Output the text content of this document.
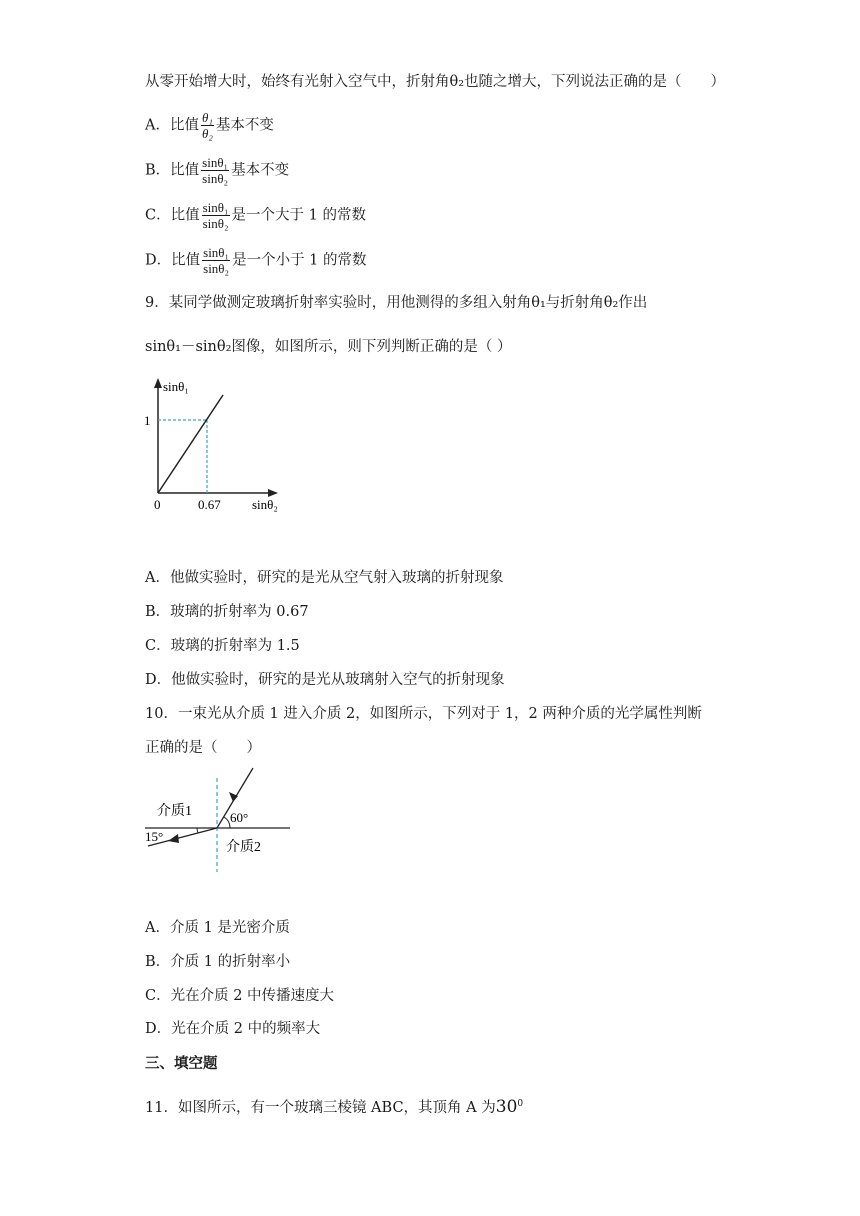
从零开始增大时，始终有光射入空气中，折射角θ₂也随之增大，下列说法正确的是（　　）
A．比值 $\frac{\text{θ₁}}{\text{θ₂}}$ 基本不变
B．比值 $\frac{\text{sinθ₁}}{\text{sinθ₂}}$ 基本不变
C．比值 $\frac{\text{sinθ₁}}{\text{sinθ₂}}$ 是一个大于 1 的常数
D．比值 $\frac{\text{sinθ₁}}{\text{sinθ₂}}$ 是一个小于 1 的常数
9．某同学做测定玻璃折射率实验时，用他测得的多组入射角θ₁与折射角θ₂作出
sinθ₁－sinθ₂图像，如图所示，则下列判断正确的是（ ）
sinθ₁
1
0	0.67 sinθ₂
A．他做实验时，研究的是光从空气射入玻璃的折射现象
B．玻璃的折射率为 0.67
C．玻璃的折射率为 1.5
D．他做实验时，研究的是光从玻璃射入空气的折射现象
10．一束光从介质 1 进入介质 2，如图所示，下列对于 1，2 两种介质的光学属性判断
正确的是（　　）
介质1	60°
15°
介质2
A．介质 1 是光密介质
B．介质 1 的折射率小
C．光在介质 2 中传播速度大
D．光在介质 2 中的频率大
三、填空题
11．如图所示，有一个玻璃三棱镜 ABC，其顶角 A 为$30^0$
